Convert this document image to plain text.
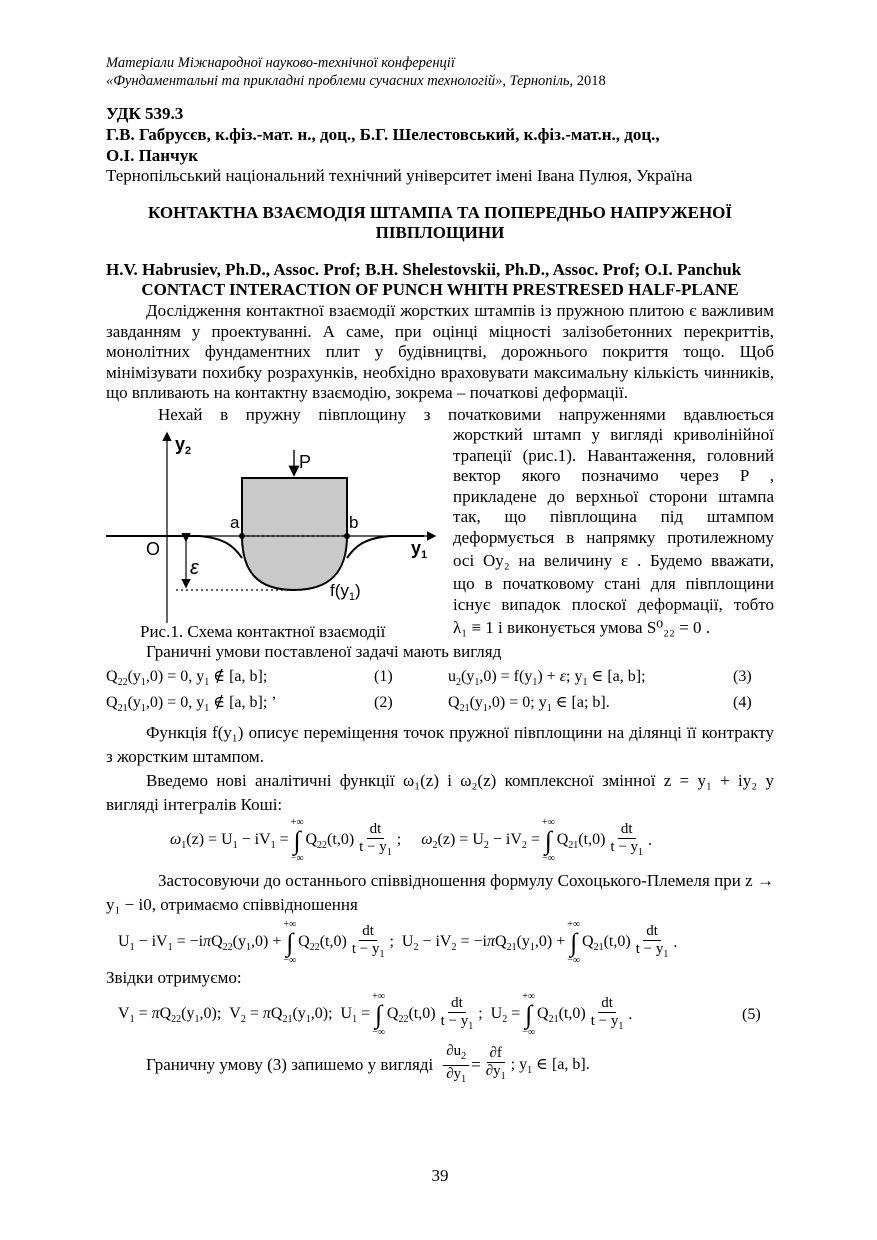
Матеріали Міжнародної науково-технічної конференції
«Фундаментальні та прикладні проблеми сучасних технологій», Тернопіль, 2018
УДК 539.3
Г.В. Габрусєв, к.фіз.-мат. н., доц., Б.Г. Шелестовський, к.фіз.-мат.н., доц.,
О.І. Панчук
Тернопільський національний технічний університет імені Івана Пулюя, Україна
КОНТАКТНА ВЗАЄМОДІЯ ШТАМПА ТА ПОПЕРЕДНЬО НАПРУЖЕНОЇ
ПІВПЛОЩИНИ
H.V. Habrusiev, Ph.D., Assoc. Prof; B.H. Shelestovskii, Ph.D., Assoc. Prof; O.I. Panchuk
CONTACT INTERACTION OF PUNCH WHITH PRESTRESED HALF-PLANE
Дослідження контактної взаємодії жорстких штампів із пружною плитою є важливим завданням у проектуванні. А саме, при оцінці міцності залізобетонних перекриттів, монолітних фундаментних плит у будівництві, дорожнього покриття тощо. Щоб мінімізувати похибку розрахунків, необхідно враховувати максимальну кількість чинників, що впливають на контактну взаємодію, зокрема – початкові деформації.
Нехай в пружну півплощину з початковими напруженнями вдавлюється
жорсткий штамп у вигляді криволінійної
трапеції (рис.1). Навантаження, головний
вектор якого позначимо через P ,
прикладене до верхньої сторони штампа
так, що півплощина під штампом
деформується в напрямку протилежному
осі Oy₂ на величину ε . Будемо вважати,
що в початковому стані для півплощини
існує випадок плоскої деформації, тобто
λ₁ ≡ 1 і виконується умова S⁰₂₂ = 0 .
$y_2$
P
a	b
O	$y_1$
ε
$f(y_1)$
Рис.1. Схема контактної взаємодії
Граничні умови поставленої задачі мають вигляд
$Q_{22}(y_1,0) = 0$, $y_1$ ∉ [a, b];	(1)	$u_2(y_1,0) = f(y_1) + \varepsilon$; $y_1$ ∈ [a, b];	(3)
$Q_{21}(y_1,0) = 0$, $y_1$ ∉ [a, b]; ’	(2)	$Q_{21}(y_1,0) = 0$; $y_1$ ∈ [a; b].	(4)
Функція f(y₁) описує переміщення точок пружної півплощини на ділянці її контракту з жорстким штампом.
Введемо нові аналітичні функції ω₁(z) і ω₂(z) комплексної змінної z = y₁ + iy₂ у вигляді інтегралів Коші:
$\omega_1(z) = U_1 - iV_1$ =
+∞
∫
−∞
$Q_{22}(t,0) \frac{dt}{t - y_1}$ ;     $\omega_2(z) = U_2 - iV_2$ =
+∞
∫
−∞
$Q_{21}(t,0) \frac{dt}{t - y_1}$ .
Застосовуючи до останнього співвідношення формулу Сохоцького-Племеля при z → y₁ − i0, отримаємо співвідношення
$U_1 - iV_1 = -i\pi Q_{22}(y_1,0)$ +
+∞
∫
−∞
$Q_{22}(t,0) \frac{dt}{t - y_1}$ ;  $U_2 - iV_2 = -i\pi Q_{21}(y_1,0)$ +
+∞
∫
−∞
$Q_{21}(t,0) \frac{dt}{t - y_1}$ .
Звідки отримуємо:
$V_1 = \pi Q_{22}(y_1,0)$;  $V_2 = \pi Q_{21}(y_1,0)$;  $U_1$ =
+∞
∫
−∞
$Q_{22}(t,0) \frac{dt}{t - y_1}$ ;  $U_2$ =
+∞
∫
−∞
$Q_{21}(t,0) \frac{dt}{t - y_1}$ .	(5)
Граничну умову (3) запишемо у вигляді $\frac{\partial u_2}{\partial y_1} = \frac{\partial f}{\partial y_1}$ ; $y_1$ ∈ [a, b].
39
